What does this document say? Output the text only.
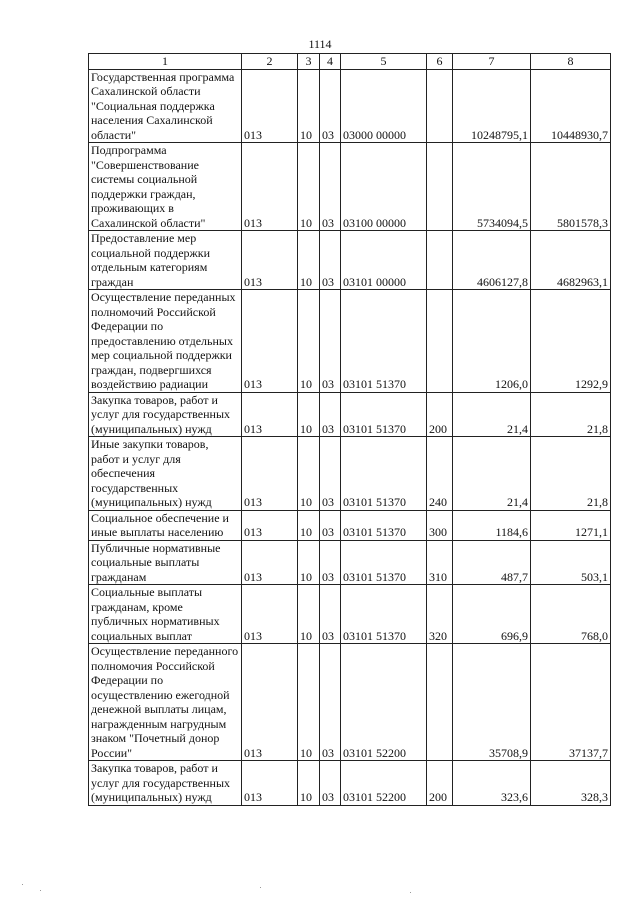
1114
1	2	3	4	5	6	7	8
Государственная программа Сахалинской области "Социальная поддержка населения Сахалинской области"	013	10	03	03000 00000		10248795,1	10448930,7
Подпрограмма "Совершенствование системы социальной поддержки граждан, проживающих в Сахалинской области"	013	10	03	03100 00000		5734094,5	5801578,3
Предоставление мер социальной поддержки отдельным категориям граждан	013	10	03	03101 00000		4606127,8	4682963,1
Осуществление переданных полномочий Российской Федерации по предоставлению отдельных мер социальной поддержки граждан, подвергшихся воздействию радиации	013	10	03	03101 51370		1206,0	1292,9
Закупка товаров, работ и услуг для государственных (муниципальных) нужд	013	10	03	03101 51370	200	21,4	21,8
Иные закупки товаров, работ и услуг для обеспечения государственных (муниципальных) нужд	013	10	03	03101 51370	240	21,4	21,8
Социальное обеспечение и иные выплаты населению	013	10	03	03101 51370	300	1184,6	1271,1
Публичные нормативные социальные выплаты гражданам	013	10	03	03101 51370	310	487,7	503,1
Социальные выплаты гражданам, кроме публичных нормативных социальных выплат	013	10	03	03101 51370	320	696,9	768,0
Осуществление переданного полномочия Российской Федерации по осуществлению ежегодной денежной выплаты лицам, награжденным нагрудным знаком "Почетный донор России"	013	10	03	03101 52200		35708,9	37137,7
Закупка товаров, работ и услуг для государственных (муниципальных) нужд	013	10	03	03101 52200	200	323,6	328,3
